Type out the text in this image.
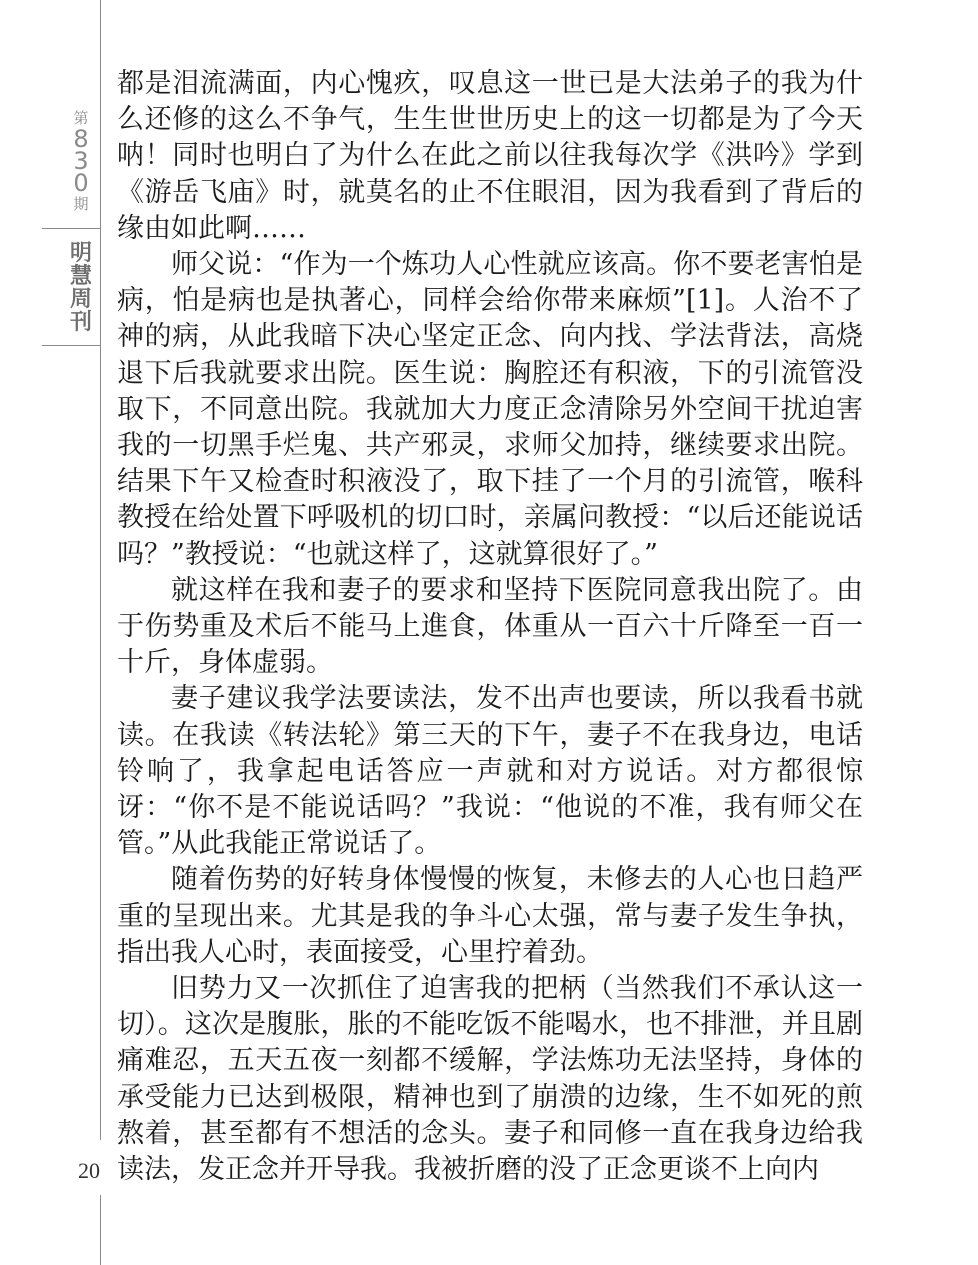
第
8
3
0
期
明
慧
周
刊
20

都是泪流满面，内心愧疚，叹息这一世已是大法弟子的我为什么还修的这么不争气，生生世世历史上的这一切都是为了今天呐！同时也明白了为什么在此之前以往我每次学《洪吟》学到《游岳飞庙》时，就莫名的止不住眼泪，因为我看到了背后的缘由如此啊……

师父说：“作为一个炼功人心性就应该高。你不要老害怕是病，怕是病也是执著心，同样会给你带来麻烦”[1]。人治不了神的病，从此我暗下决心坚定正念、向内找、学法背法，高烧退下后我就要求出院。医生说：胸腔还有积液，下的引流管没取下，不同意出院。我就加大力度正念清除另外空间干扰迫害我的一切黑手烂鬼、共产邪灵，求师父加持，继续要求出院。结果下午又检查时积液没了，取下挂了一个月的引流管，喉科教授在给处置下呼吸机的切口时，亲属问教授：“以后还能说话吗？”教授说：“也就这样了，这就算很好了。”

就这样在我和妻子的要求和坚持下医院同意我出院了。由于伤势重及术后不能马上進食，体重从一百六十斤降至一百一十斤，身体虚弱。

妻子建议我学法要读法，发不出声也要读，所以我看书就读。在我读《转法轮》第三天的下午，妻子不在我身边，电话铃响了，我拿起电话答应一声就和对方说话。对方都很惊讶：“你不是不能说话吗？”我说：“他说的不准，我有师父在管。”从此我能正常说话了。

随着伤势的好转身体慢慢的恢复，未修去的人心也日趋严重的呈现出来。尤其是我的争斗心太强，常与妻子发生争执，指出我人心时，表面接受，心里拧着劲。

旧势力又一次抓住了迫害我的把柄（当然我们不承认这一切）。这次是腹胀，胀的不能吃饭不能喝水，也不排泄，并且剧痛难忍，五天五夜一刻都不缓解，学法炼功无法坚持，身体的承受能力已达到极限，精神也到了崩溃的边缘，生不如死的煎熬着，甚至都有不想活的念头。妻子和同修一直在我身边给我读法，发正念并开导我。我被折磨的没了正念更谈不上向内
